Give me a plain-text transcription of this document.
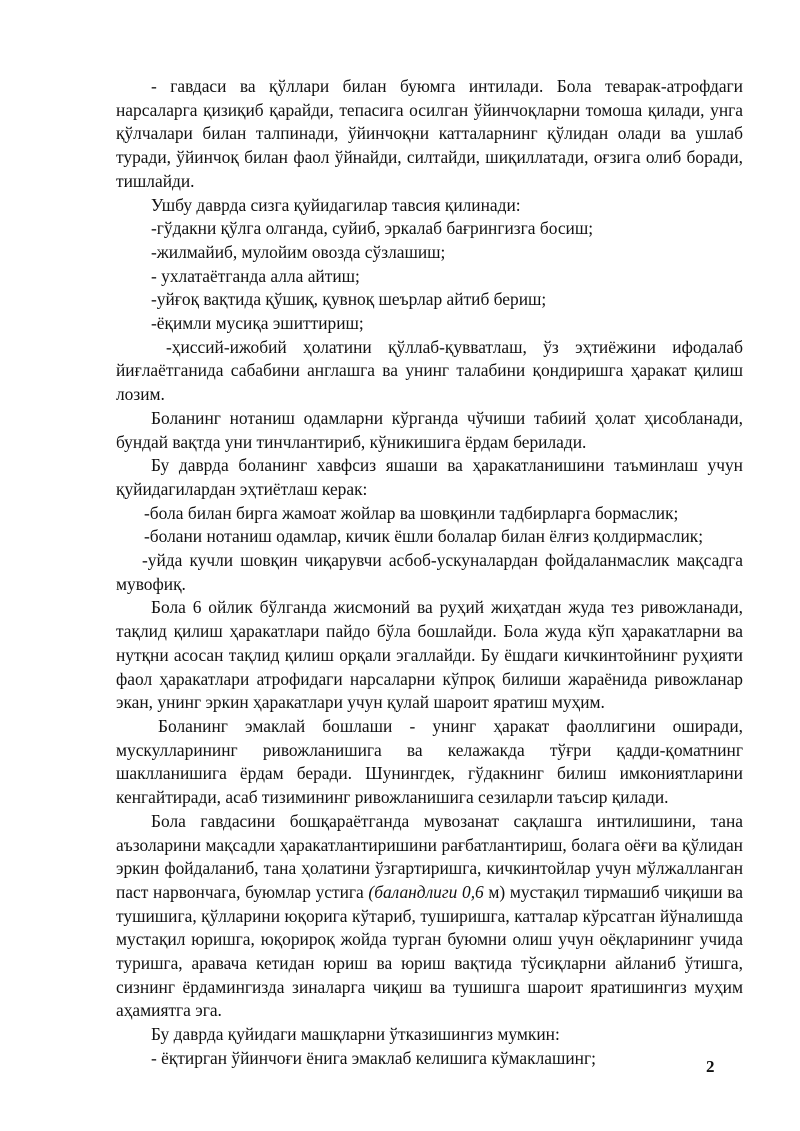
- гавдаси ва қўллари билан буюмга интилади. Бола теварак-атрофдаги нарсаларга қизиқиб қарайди, тепасига осилган ўйинчоқларни томоша қилади, унга қўлчалари билан талпинади, ўйинчоқни катталарнинг қўлидан олади ва ушлаб туради, ўйинчоқ билан фаол ўйнайди, силтайди, шиқиллатади, оғзига олиб боради, тишлайди.

Ушбу даврда сизга қуйидагилар тавсия қилинади:

-гўдакни қўлга олганда, суйиб, эркалаб бағрингизга босиш;

-жилмайиб, мулойим овозда сўзлашиш;

- ухлатаётганда алла айтиш;

-уйғоқ вақтида қўшиқ, қувноқ шеърлар айтиб бериш;

-ёқимли мусиқа эшиттириш;

-ҳиссий-ижобий ҳолатини қўллаб-қувватлаш, ўз эҳтиёжини ифодалаб йиғлаётганида сабабини англашга ва унинг талабини қондиришга ҳаракат қилиш лозим.

Боланинг нотаниш одамларни кўрганда чўчиши табиий ҳолат ҳисобланади, бундай вақтда уни тинчлантириб, кўникишига ёрдам берилади.

Бу даврда боланинг хавфсиз яшаши ва ҳаракатланишини таъминлаш учун қуйидагилардан эҳтиётлаш керак:

-бола билан бирга жамоат жойлар ва шовқинли тадбирларга бормаслик;

-болани нотаниш одамлар, кичик ёшли болалар билан ёлғиз қолдирмаслик;

-уйда кучли шовқин чиқарувчи асбоб-ускуналардан фойдаланмаслик мақсадга мувофиқ.

Бола 6 ойлик бўлганда жисмоний ва руҳий жиҳатдан жуда тез ривожланади, тақлид қилиш ҳаракатлари пайдо бўла бошлайди. Бола жуда кўп ҳаракатларни ва нутқни асосан тақлид қилиш орқали эгаллайди. Бу ёшдаги кичкинтойнинг руҳияти фаол ҳаракатлари атрофидаги нарсаларни кўпроқ билиши жараёнида ривожланар экан, унинг эркин ҳаракатлари учун қулай шароит яратиш муҳим.

Боланинг эмаклай бошлаши - унинг ҳаракат фаоллигини оширади, мускулларининг ривожланишига ва келажакда тўғри қадди-қоматнинг шаклланишига ёрдам беради. Шунингдек, гўдакнинг билиш имкониятларини кенгайтиради, асаб тизимининг ривожланишига сезиларли таъсир қилади.

Бола гавдасини бошқараётганда мувозанат сақлашга интилишини, тана аъзоларини мақсадли ҳаракатлантиришини рағбатлантириш, болага оёғи ва қўлидан эркин фойдаланиб, тана ҳолатини ўзгартиришга, кичкинтойлар учун мўлжалланган паст нарвончага, буюмлар устига (баландлиги 0,6 м) мустақил тирмашиб чиқиши ва тушишига, қўлларини юқорига кўтариб, туширишга, катталар кўрсатган йўналишда мустақил юришга, юқорироқ жойда турган буюмни олиш учун оёқларининг учида туришга, аравача кетидан юриш ва юриш вақтида тўсиқларни айланиб ўтишга, сизнинг ёрдамингизда зиналарга чиқиш ва тушишга шароит яратишингиз муҳим аҳамиятга эга.

Бу даврда қуйидаги машқларни ўтказишингиз мумкин:

- ёқтирган ўйинчоғи ёнига эмаклаб келишига кўмаклашинг;	2
